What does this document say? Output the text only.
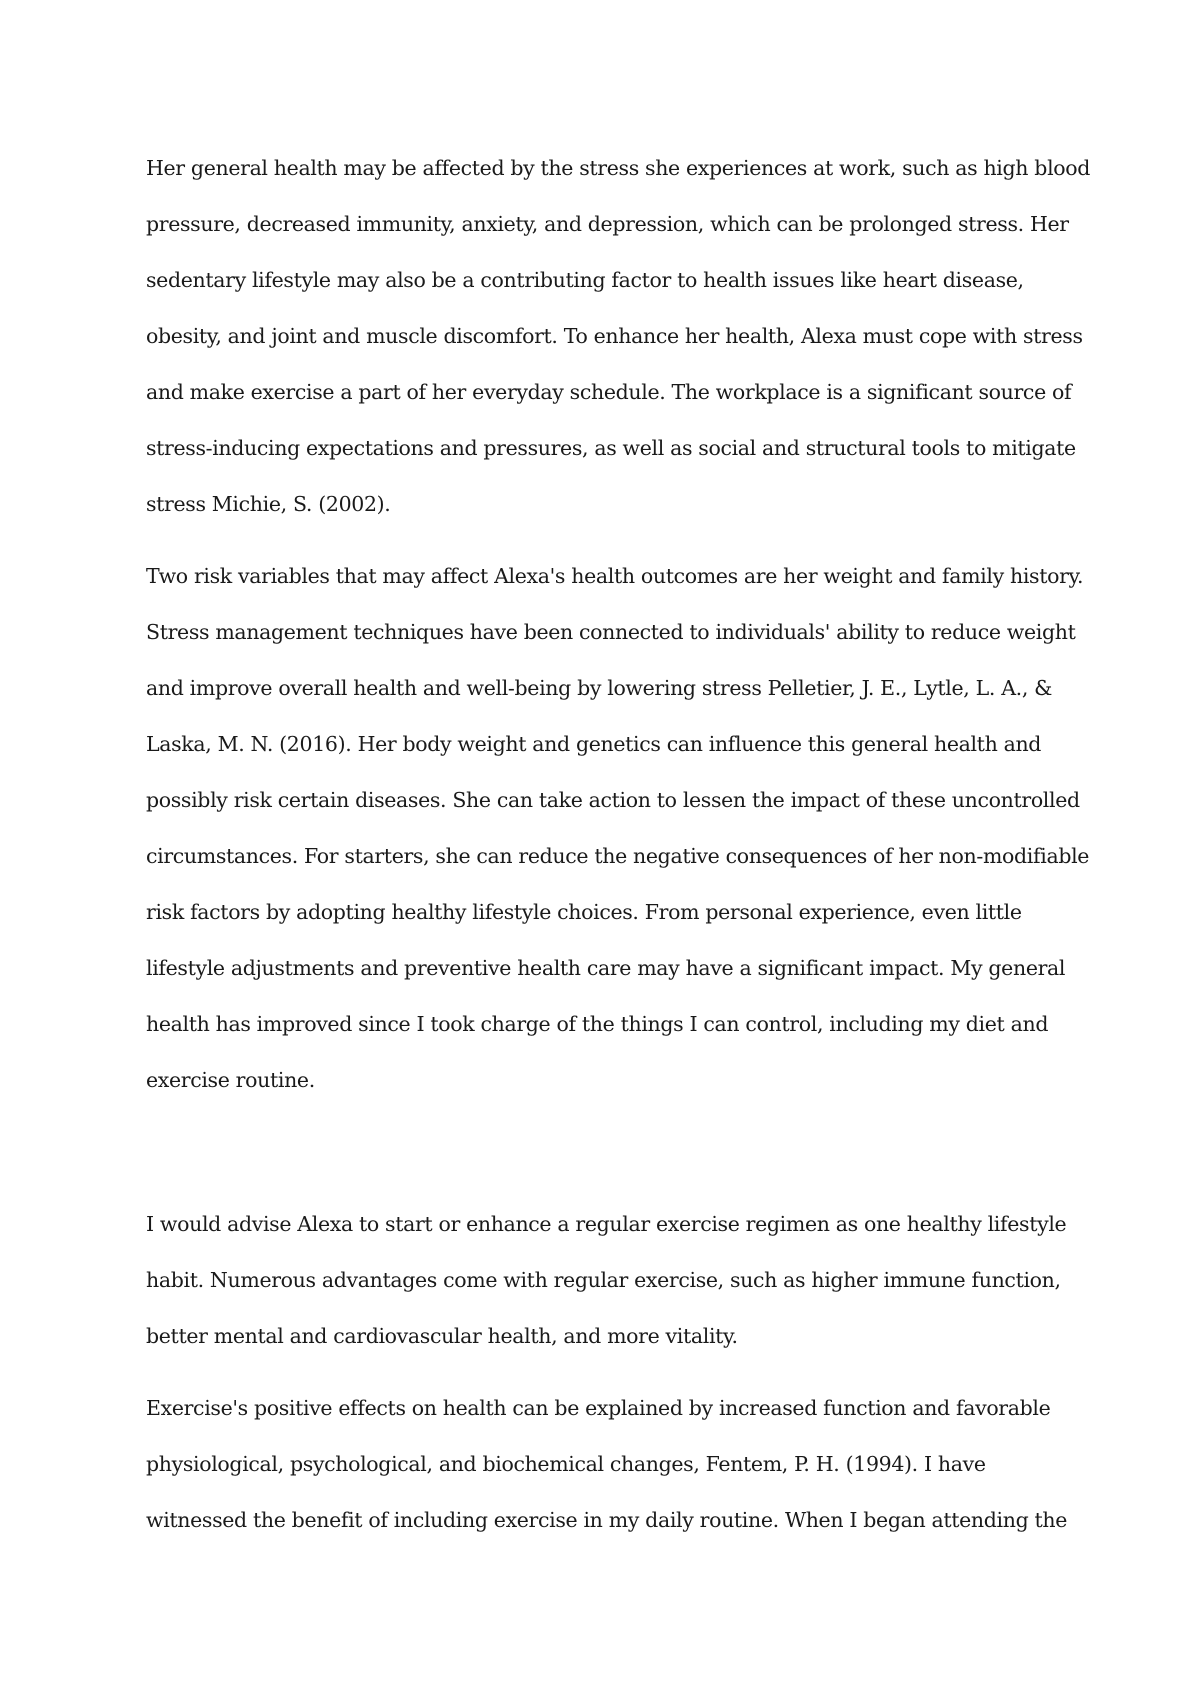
Her general health may be affected by the stress she experiences at work, such as high blood
pressure, decreased immunity, anxiety, and depression, which can be prolonged stress. Her
sedentary lifestyle may also be a contributing factor to health issues like heart disease,
obesity, and joint and muscle discomfort. To enhance her health, Alexa must cope with stress
and make exercise a part of her everyday schedule. The workplace is a significant source of
stress-inducing expectations and pressures, as well as social and structural tools to mitigate
stress Michie, S. (2002).

Two risk variables that may affect Alexa's health outcomes are her weight and family history.
Stress management techniques have been connected to individuals' ability to reduce weight
and improve overall health and well-being by lowering stress Pelletier, J. E., Lytle, L. A., &
Laska, M. N. (2016). Her body weight and genetics can influence this general health and
possibly risk certain diseases. She can take action to lessen the impact of these uncontrolled
circumstances. For starters, she can reduce the negative consequences of her non-modifiable
risk factors by adopting healthy lifestyle choices. From personal experience, even little
lifestyle adjustments and preventive health care may have a significant impact. My general
health has improved since I took charge of the things I can control, including my diet and
exercise routine.

I would advise Alexa to start or enhance a regular exercise regimen as one healthy lifestyle
habit. Numerous advantages come with regular exercise, such as higher immune function,
better mental and cardiovascular health, and more vitality.

Exercise's positive effects on health can be explained by increased function and favorable
physiological, psychological, and biochemical changes, Fentem, P. H. (1994). I have
witnessed the benefit of including exercise in my daily routine. When I began attending the
